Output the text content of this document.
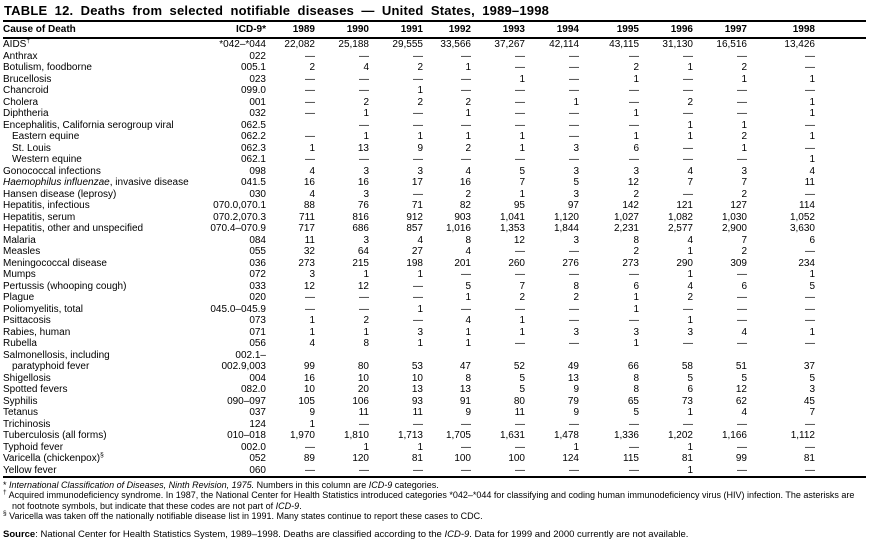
TABLE 12. Deaths from selected notifiable diseases — United States, 1989–1998
Cause of Death	ICD-9*	1989	1990	1991	1992	1993	1994	1995	1996	1997	1998
AIDS†	*042–*044	22,082	25,188	29,555	33,566	37,267	42,114	43,115	31,130	16,516	13,426
Anthrax	022	—	—	—	—	—	—	—	—	—	—
Botulism, foodborne	005.1	2	4	2	1	—	—	2	1	2	—
Brucellosis	023	—	—	—	—	1	—	1	—	1	1
Chancroid	099.0	—	—	1	—	—	—	—	—	—	—
Cholera	001	—	2	2	2	—	1	—	2	—	1
Diphtheria	032	—	1	—	1	—	—	1	—	—	1
Encephalitis, California serogroup viral	062.5		—	—	—	—	—	—	1	1	—
Eastern equine	062.2	—	1	1	1	1	—	1	1	2	1
St. Louis	062.3	1	13	9	2	1	3	6	—	1	—
Western equine	062.1	—	—	—	—	—	—	—	—	—	1
Gonococcal infections	098	4	3	3	4	5	3	3	4	3	4
Haemophilus influenzae, invasive disease	041.5	16	16	17	16	7	5	12	7	7	11
Hansen disease (leprosy)	030	4	3	—	2	1	3	2	—	2	—
Hepatitis, infectious	070.0,070.1	88	76	71	82	95	97	142	121	127	114
Hepatitis, serum	070.2,070.3	711	816	912	903	1,041	1,120	1,027	1,082	1,030	1,052
Hepatitis, other and unspecified	070.4–070.9	717	686	857	1,016	1,353	1,844	2,231	2,577	2,900	3,630
Malaria	084	11	3	4	8	12	3	8	4	7	6
Measles	055	32	64	27	4	—	—	2	1	2	—
Meningococcal disease	036	273	215	198	201	260	276	273	290	309	234
Mumps	072	3	1	1	—	—	—	—	1	—	1
Pertussis (whooping cough)	033	12	12	—	5	7	8	6	4	6	5
Plague	020	—	—	—	1	2	2	1	2	—	—
Poliomyelitis, total	045.0–045.9	—	—	1	—	—	—	1	—	—	—
Psittacosis	073	1	2	—	4	1	—	—	1	—	—
Rabies, human	071	1	1	3	1	1	3	3	3	4	1
Rubella	056	4	8	1	1	—	—	1	—	—	—

Salmonellosis, including
paratyphoid fever	002.1–002.9,003	99	80	53	47	52	49	66	58	51	37
Shigellosis	004	16	10	10	8	5	13	8	5	5	5
Spotted fevers	082.0	10	20	13	13	5	9	8	6	12	3
Syphilis	090–097	105	106	93	91	80	79	65	73	62	45
Tetanus	037	9	11	11	9	11	9	5	1	4	7
Trichinosis	124	1	—	—	—	—	—	—	—	—	—
Tuberculosis (all forms)	010–018	1,970	1,810	1,713	1,705	1,631	1,478	1,336	1,202	1,166	1,112
Typhoid fever	002.0	—	1	1	—	—	1	—	1	—	—
Varicella (chickenpox)§	052	89	120	81	100	100	124	115	81	99	81
Yellow fever	060	—	—	—	—	—	—	—	1	—	—
* International Classification of Diseases, Ninth Revision, 1975. Numbers in this column are ICD-9 categories.
† Acquired immunodeficiency syndrome. In 1987, the National Center for Health Statistics introduced categories *042–*044 for classifying and coding human immunodeficiency virus (HIV) infection. The asterisks are not footnote symbols, but indicate that these codes are not part of ICD-9.
§ Varicella was taken off the nationally notifiable disease list in 1991. Many states continue to report these cases to CDC.
Source: National Center for Health Statistics System, 1989–1998. Deaths are classified according to the ICD-9. Data for 1999 and 2000 currently are not available.
